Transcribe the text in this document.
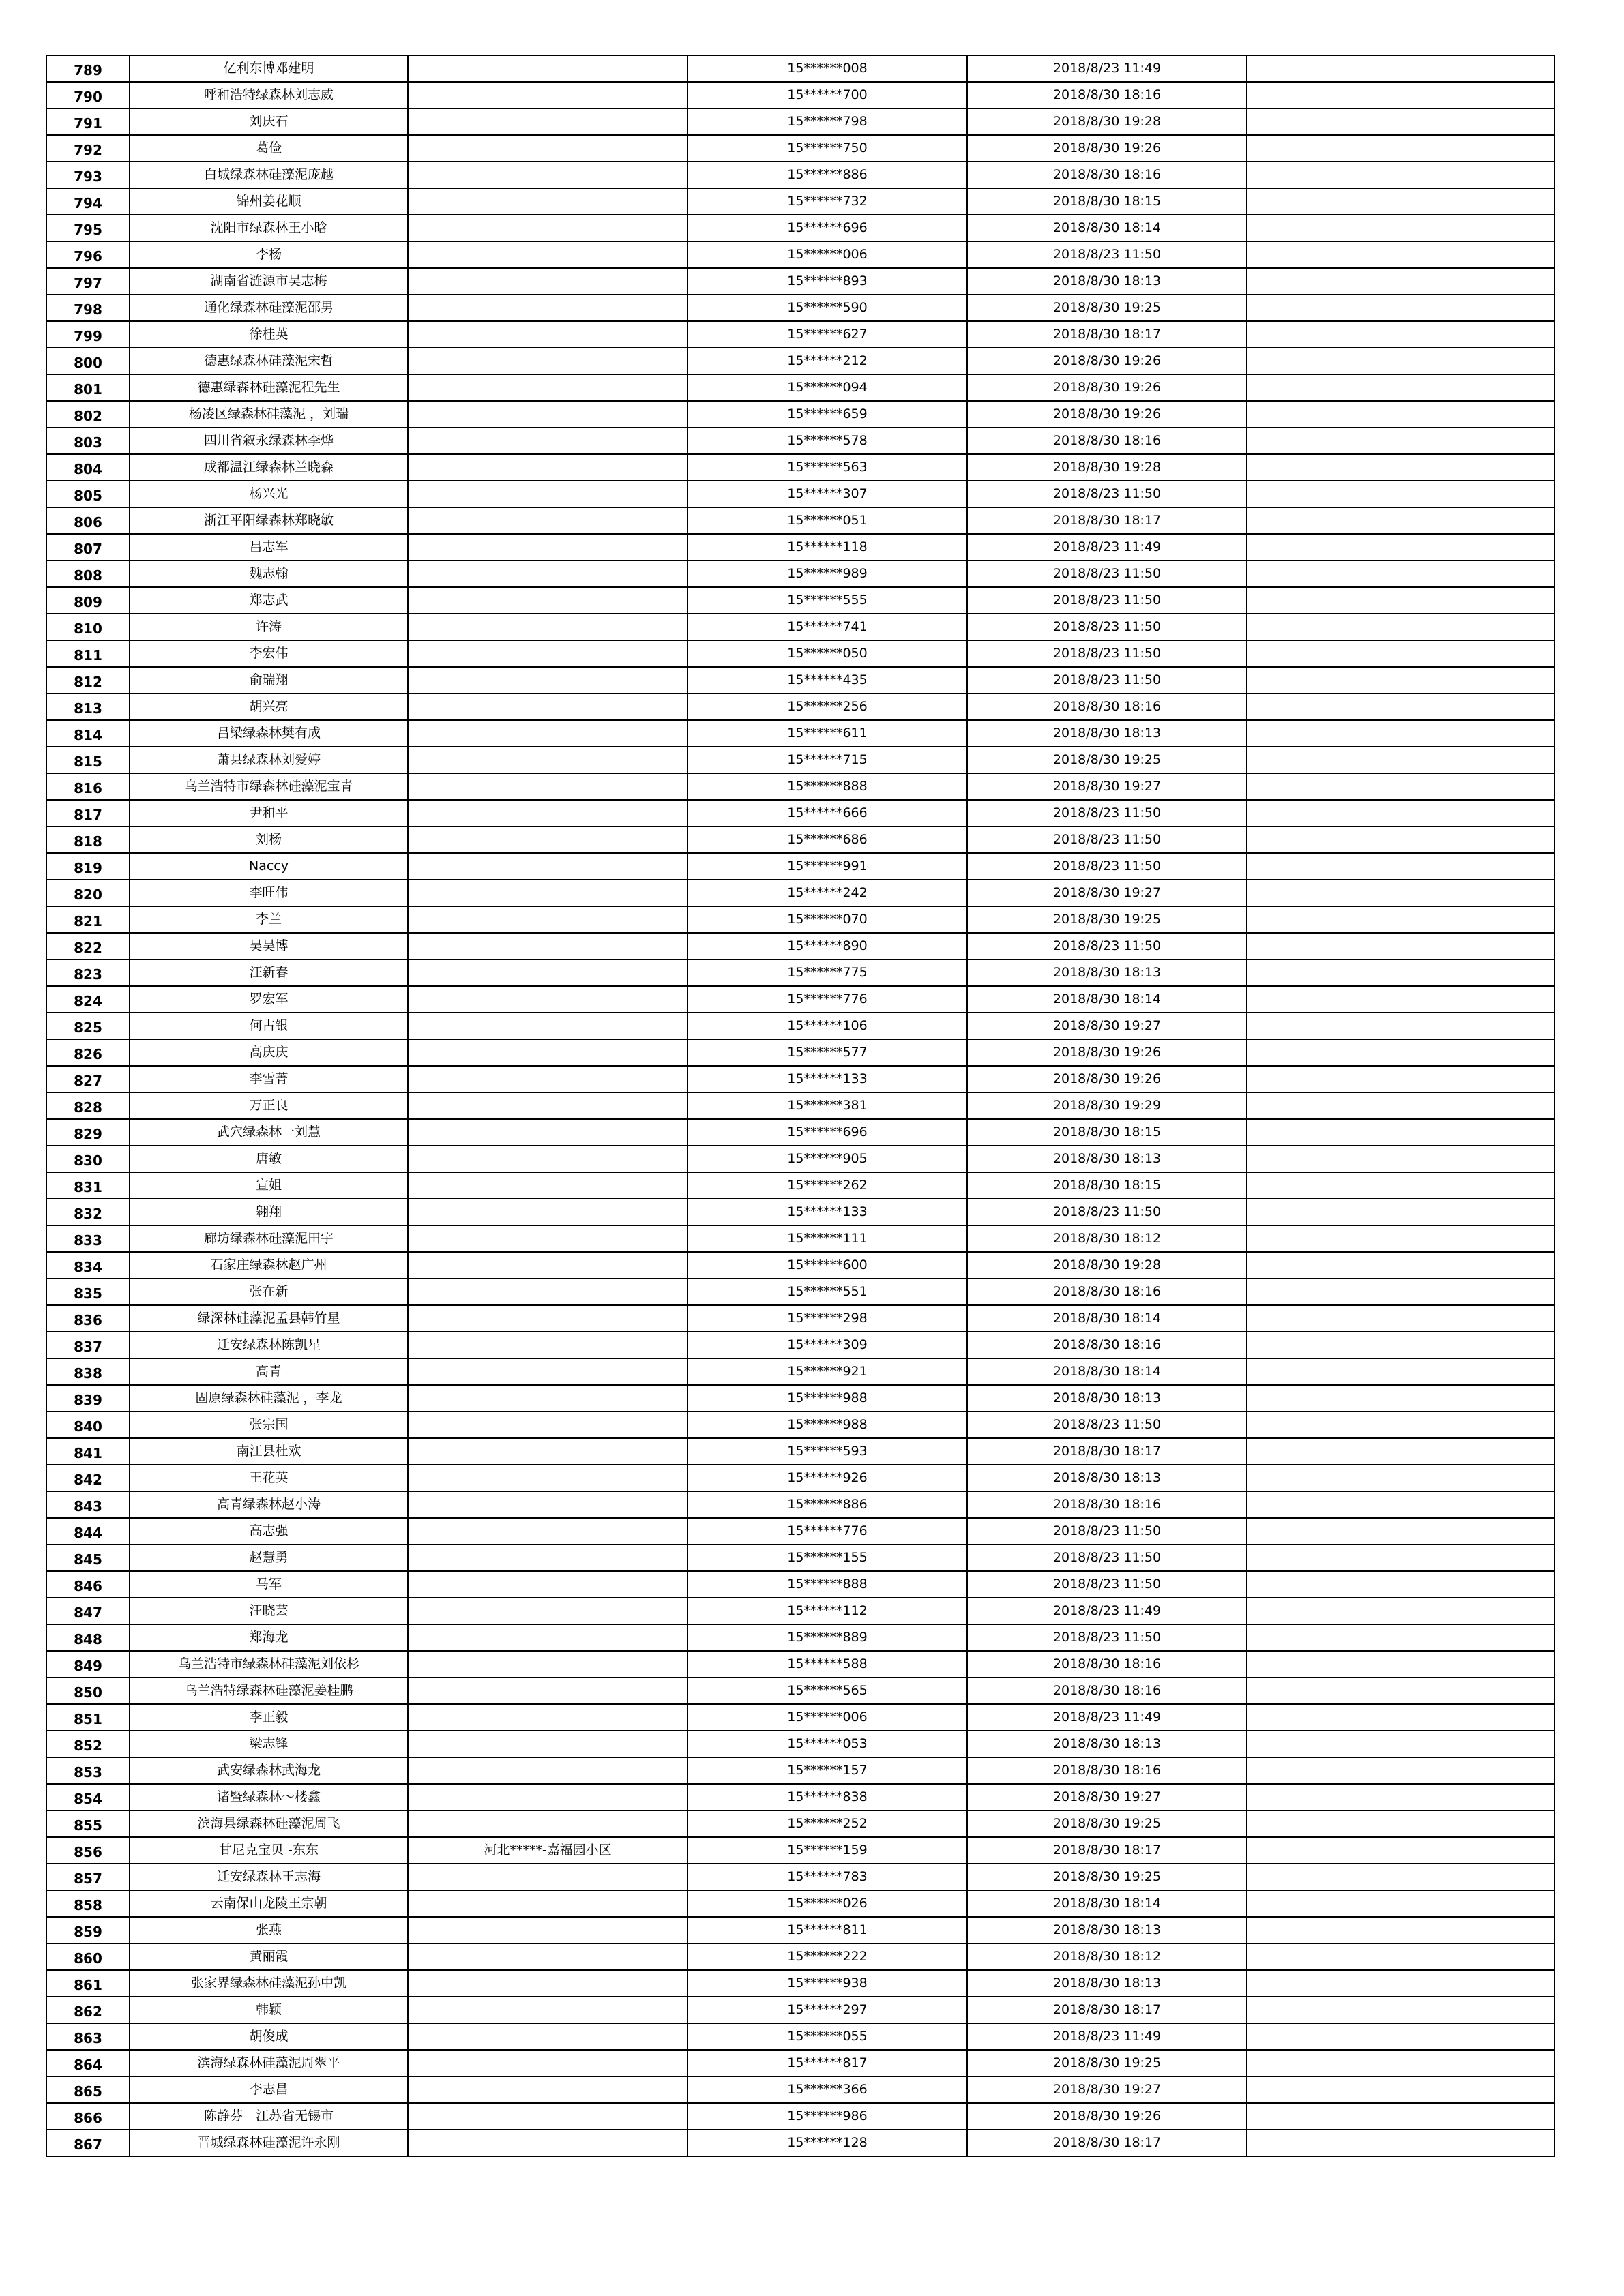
789	亿利东博邓建明		15******008	2018/8/23 11:49	
790	呼和浩特绿森林刘志威		15******700	2018/8/30 18:16	
791	刘庆石		15******798	2018/8/30 19:28	
792	葛俭		15******750	2018/8/30 19:26	
793	白城绿森林硅藻泥庞越		15******886	2018/8/30 18:16	
794	锦州姜花顺		15******732	2018/8/30 18:15	
795	沈阳市绿森林王小晗		15******696	2018/8/30 18:14	
796	李杨		15******006	2018/8/23 11:50	
797	湖南省涟源市吴志梅		15******893	2018/8/30 18:13	
798	通化绿森林硅藻泥邵男		15******590	2018/8/30 19:25	
799	徐桂英		15******627	2018/8/30 18:17	
800	德惠绿森林硅藻泥宋哲		15******212	2018/8/30 19:26	
801	德惠绿森林硅藻泥程先生		15******094	2018/8/30 19:26	
802	杨凌区绿森林硅藻泥 ，刘瑞		15******659	2018/8/30 19:26	
803	四川省叙永绿森林李烨		15******578	2018/8/30 18:16	
804	成都温江绿森林兰晓森		15******563	2018/8/30 19:28	
805	杨兴光		15******307	2018/8/23 11:50	
806	浙江平阳绿森林郑晓敏		15******051	2018/8/30 18:17	
807	吕志军		15******118	2018/8/23 11:49	
808	魏志翰		15******989	2018/8/23 11:50	
809	郑志武		15******555	2018/8/23 11:50	
810	许涛		15******741	2018/8/23 11:50	
811	李宏伟		15******050	2018/8/23 11:50	
812	俞瑞翔		15******435	2018/8/23 11:50	
813	胡兴亮		15******256	2018/8/30 18:16	
814	吕梁绿森林樊有成		15******611	2018/8/30 18:13	
815	萧县绿森林刘爱婷		15******715	2018/8/30 19:25	
816	乌兰浩特市绿森林硅藻泥宝青		15******888	2018/8/30 19:27	
817	尹和平		15******666	2018/8/23 11:50	
818	刘杨		15******686	2018/8/23 11:50	
819	Naccy		15******991	2018/8/23 11:50	
820	李旺伟		15******242	2018/8/30 19:27	
821	李兰		15******070	2018/8/30 19:25	
822	吴昊博		15******890	2018/8/23 11:50	
823	汪新春		15******775	2018/8/30 18:13	
824	罗宏军		15******776	2018/8/30 18:14	
825	何占银		15******106	2018/8/30 19:27	
826	高庆庆		15******577	2018/8/30 19:26	
827	李雪菁		15******133	2018/8/30 19:26	
828	万正良		15******381	2018/8/30 19:29	
829	武穴绿森林一刘慧		15******696	2018/8/30 18:15	
830	唐敏		15******905	2018/8/30 18:13	
831	宣姐		15******262	2018/8/30 18:15	
832	翱翔		15******133	2018/8/23 11:50	
833	廊坊绿森林硅藻泥田宇		15******111	2018/8/30 18:12	
834	石家庄绿森林赵广州		15******600	2018/8/30 19:28	
835	张在新		15******551	2018/8/30 18:16	
836	绿深林硅藻泥孟县韩竹星		15******298	2018/8/30 18:14	
837	迁安绿森林陈凯星		15******309	2018/8/30 18:16	
838	高青		15******921	2018/8/30 18:14	
839	固原绿森林硅藻泥 ，李龙		15******988	2018/8/30 18:13	
840	张宗国		15******988	2018/8/23 11:50	
841	南江县杜欢		15******593	2018/8/30 18:17	
842	王花英		15******926	2018/8/30 18:13	
843	高青绿森林赵小涛		15******886	2018/8/30 18:16	
844	高志强		15******776	2018/8/23 11:50	
845	赵慧勇		15******155	2018/8/23 11:50	
846	马军		15******888	2018/8/23 11:50	
847	汪晓芸		15******112	2018/8/23 11:49	
848	郑海龙		15******889	2018/8/23 11:50	
849	乌兰浩特市绿森林硅藻泥刘依杉		15******588	2018/8/30 18:16	
850	乌兰浩特绿森林硅藻泥姜桂鹏		15******565	2018/8/30 18:16	
851	李正毅		15******006	2018/8/23 11:49	
852	梁志锋		15******053	2018/8/30 18:13	
853	武安绿森林武海龙		15******157	2018/8/30 18:16	
854	诸暨绿森林～楼鑫		15******838	2018/8/30 19:27	
855	滨海县绿森林硅藻泥周飞		15******252	2018/8/30 19:25	
856	甘尼克宝贝 -东东	河北*****-嘉福园小区	15******159	2018/8/30 18:17	
857	迁安绿森林王志海		15******783	2018/8/30 19:25	
858	云南保山龙陵王宗朝		15******026	2018/8/30 18:14	
859	张燕		15******811	2018/8/30 18:13	
860	黄丽霞		15******222	2018/8/30 18:12	
861	张家界绿森林硅藻泥孙中凯		15******938	2018/8/30 18:13	
862	韩颖		15******297	2018/8/30 18:17	
863	胡俊成		15******055	2018/8/23 11:49	
864	滨海绿森林硅藻泥周翠平		15******817	2018/8/30 19:25	
865	李志昌		15******366	2018/8/30 19:27	
866	陈静芬　江苏省无锡市		15******986	2018/8/30 19:26	
867	晋城绿森林硅藻泥许永刚		15******128	2018/8/30 18:17	
